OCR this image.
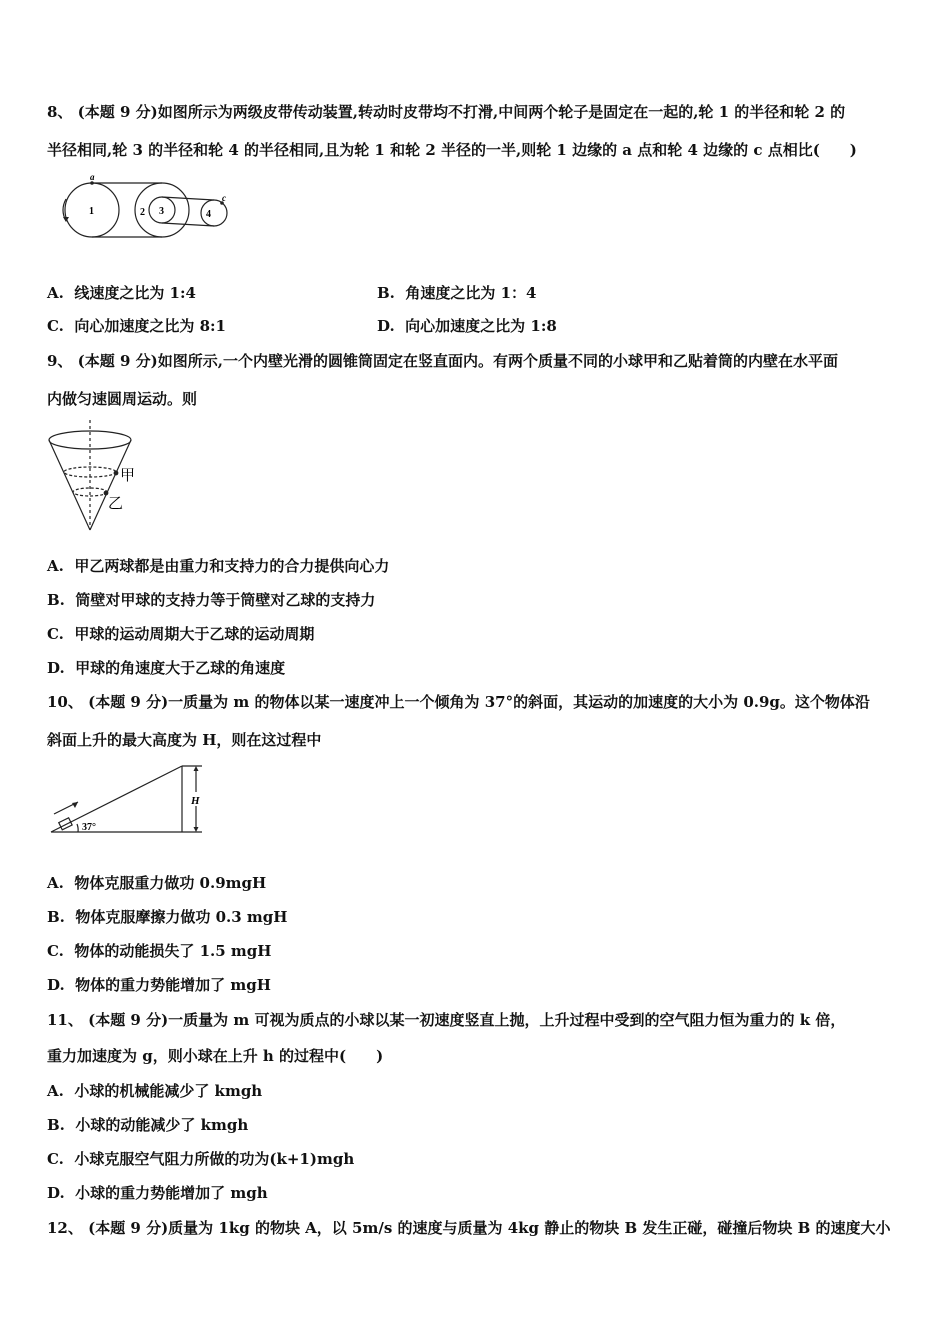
8、 (本题 9 分)如图所示为两级皮带传动装置,转动时皮带均不打滑,中间两个轮子是固定在一起的,轮 1 的半径和轮 2 的
半径相同,轮 3 的半径和轮 4 的半径相同,且为轮 1 和轮 2 半径的一半,则轮 1 边缘的 a 点和轮 4 边缘的 c 点相比(　　)
a
1	2 3	4
c
A. 线速度之比为 1:4	B. 角速度之比为 1：4
C. 向心加速度之比为 8:1	D. 向心加速度之比为 1:8
9、 (本题 9 分)如图所示,一个内壁光滑的圆锥筒固定在竖直面内。有两个质量不同的小球甲和乙贴着筒的内壁在水平面
内做匀速圆周运动。则
甲
乙
A. 甲乙两球都是由重力和支持力的合力提供向心力
B. 筒壁对甲球的支持力等于筒壁对乙球的支持力
C. 甲球的运动周期大于乙球的运动周期
D. 甲球的角速度大于乙球的角速度
10、 (本题 9 分)一质量为 m 的物体以某一速度冲上一个倾角为 37°的斜面，其运动的加速度的大小为 0.9g。这个物体沿
斜面上升的最大高度为 H，则在这过程中
H
37°
A. 物体克服重力做功 0.9mgH
B. 物体克服摩擦力做功 0.3 mgH
C. 物体的动能损失了 1.5 mgH
D. 物体的重力势能增加了 mgH
11、 (本题 9 分)一质量为 m 可视为质点的小球以某一初速度竖直上抛，上升过程中受到的空气阻力恒为重力的 k 倍，
重力加速度为 g，则小球在上升 h 的过程中(　　)
A. 小球的机械能减少了 kmgh
B. 小球的动能减少了 kmgh
C. 小球克服空气阻力所做的功为(k+1)mgh
D. 小球的重力势能增加了 mgh
12、 (本题 9 分)质量为 1kg 的物块 A，以 5m/s 的速度与质量为 4kg 静止的物块 B 发生正碰，碰撞后物块 B 的速度大小
